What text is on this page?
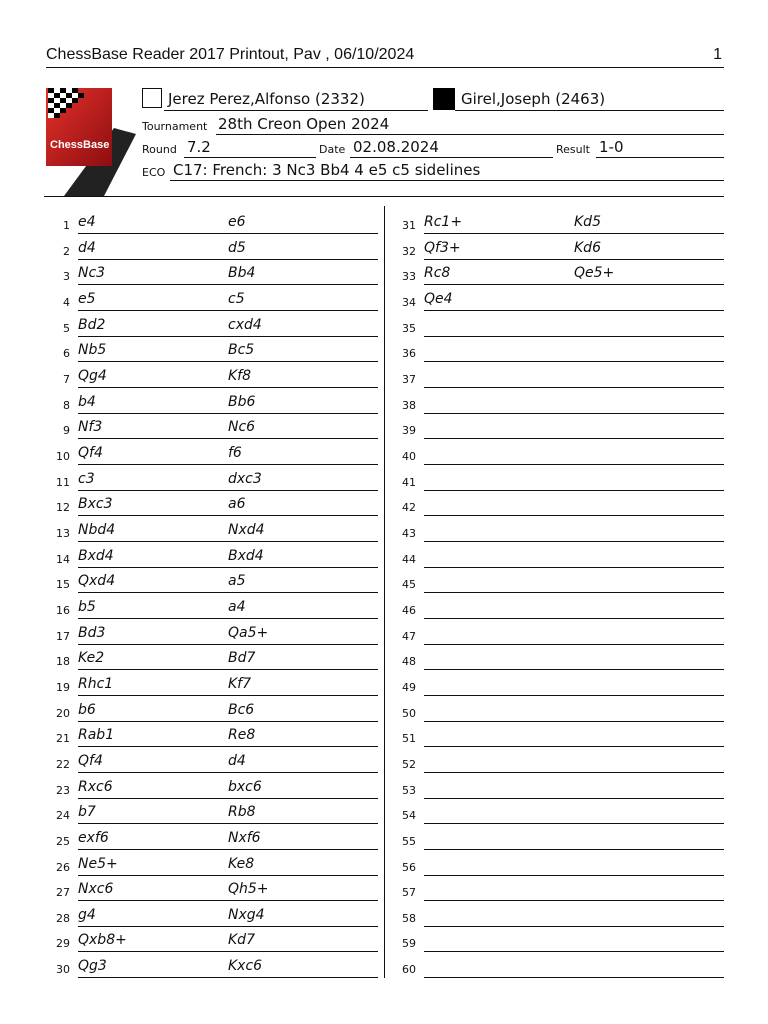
ChessBase Reader 2017 Printout, Pav , 06/10/2024	1
ChessBase
Jerez Perez,Alfonso (2332)	Girel,Joseph (2463)
Tournament 28th Creon Open 2024
Round 7.2	Date 02.08.2024	Result 1-0
ECO C17: French: 3 Nc3 Bb4 4 e5 c5 sidelines
1 e4	e6
2 d4	d5
3 Nc3	Bb4
4 e5	c5
5 Bd2	cxd4
6 Nb5	Bc5
7 Qg4	Kf8
8 b4	Bb6
9 Nf3	Nc6
10 Qf4	f6
11 c3	dxc3
12 Bxc3	a6
13 Nbd4	Nxd4
14 Bxd4	Bxd4
15 Qxd4	a5
16 b5	a4
17 Bd3	Qa5+
18 Ke2	Bd7
19 Rhc1	Kf7
20 b6	Bc6
21 Rab1	Re8
22 Qf4	d4
23 Rxc6	bxc6
24 b7	Rb8
25 exf6	Nxf6
26 Ne5+	Ke8
27 Nxc6	Qh5+
28 g4	Nxg4
29 Qxb8+	Kd7
30 Qg3	Kxc6
31 Rc1+	Kd5
32 Qf3+	Kd6
33 Rc8	Qe5+
34 Qe4
35
36
37
38
39
40
41
42
43
44
45
46
47
48
49
50
51
52
53
54
55
56
57
58
59
60
